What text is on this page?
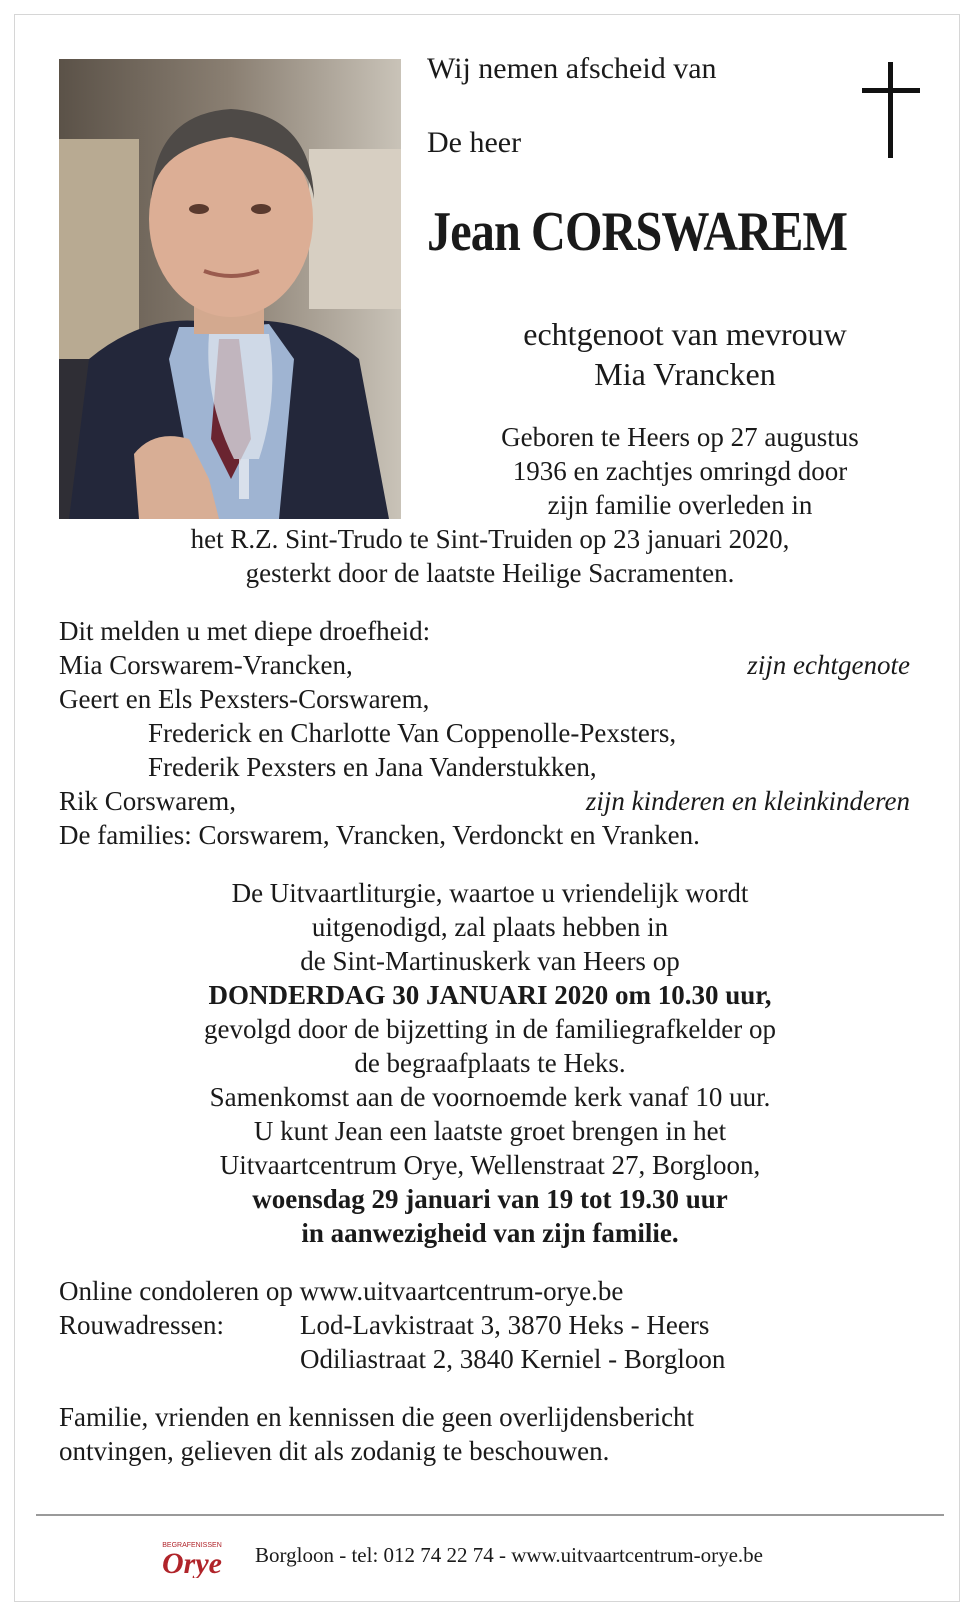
Wij nemen afscheid van

De heer

Jean CORSWAREM

echtgenoot van mevrouw
Mia Vrancken

Geboren te Heers op 27 augustus

1936 en zachtjes omringd door

zijn familie overleden in

het R.Z. Sint-Trudo te Sint-Truiden op 23 januari 2020,

gesterkt door de laatste Heilige Sacramenten.

Dit melden u met diepe droefheid:

Mia Corswarem-Vrancken,	zijn echtgenote

Geert en Els Pexsters-Corswarem,

Frederick en Charlotte Van Coppenolle-Pexsters,

Frederik Pexsters en Jana Vanderstukken,

Rik Corswarem,	zijn kinderen en kleinkinderen

De families: Corswarem, Vrancken, Verdonckt en Vranken.

De Uitvaartliturgie, waartoe u vriendelijk wordt

uitgenodigd, zal plaats hebben in

de Sint-Martinuskerk van Heers op

DONDERDAG 30 JANUARI 2020 om 10.30 uur,

gevolgd door de bijzetting in de familiegrafkelder op

de begraafplaats te Heks.

Samenkomst aan de voornoemde kerk vanaf 10 uur.

U kunt Jean een laatste groet brengen in het

Uitvaartcentrum Orye, Wellenstraat 27, Borgloon,

woensdag 29 januari van 19 tot 19.30 uur

in aanwezigheid van zijn familie.

Online condoleren op www.uitvaartcentrum-orye.be

Rouwadressen:	Lod-Lavkistraat 3, 3870 Heks - Heers

Odiliastraat 2, 3840 Kerniel - Borgloon

Familie, vrienden en kennissen die geen overlijdensbericht

ontvingen, gelieven dit als zodanig te beschouwen.

BEGRAFENISSEN
Orye Borgloon - tel: 012 74 22 74 - www.uitvaartcentrum-orye.be
